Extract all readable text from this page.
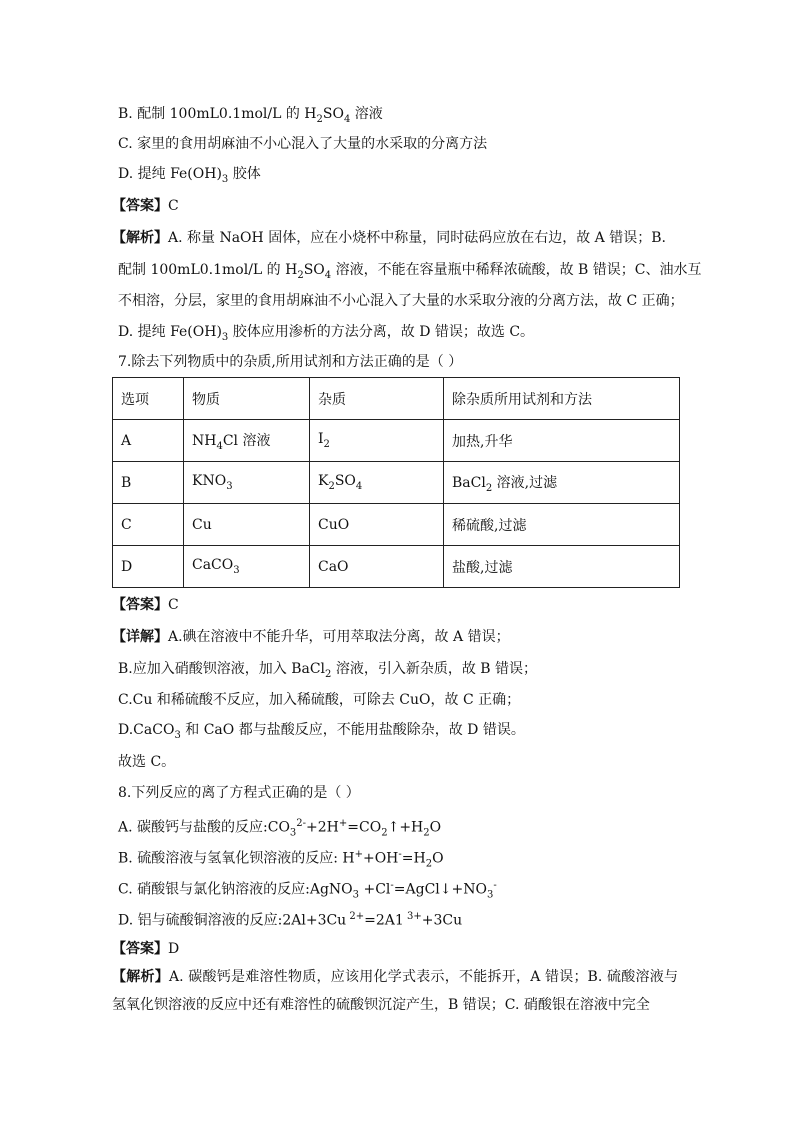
B. 配制 100mL0.1mol/L 的 $H_2SO_4$ 溶液
C. 家里的食用胡麻油不小心混入了大量的水采取的分离方法
D. 提纯 $Fe(OH)_3$ 胶体
【答案】C
【解析】A. 称量 NaOH 固体，应在小烧杯中称量，同时砝码应放在右边，故 A 错误；B.
配制 100mL0.1mol/L 的 $H_2SO_4$ 溶液，不能在容量瓶中稀释浓硫酸，故 B 错误；C、油水互
不相溶，分层，家里的食用胡麻油不小心混入了大量的水采取分液的分离方法，故 C 正确；
D. 提纯 $Fe(OH)_3$ 胶体应用渗析的方法分离，故 D 错误；故选 C。
7.除去下列物质中的杂质,所用试剂和方法正确的是（ ）
选项	物质	杂质	除杂质所用试剂和方法
A	$NH_4Cl$ 溶液	$I_2$	加热,升华
B	$KNO_3$	$K_2SO_4$	BaCl$_2$ 溶液,过滤
C	Cu	CuO	稀硫酸,过滤
D	CaCO$_3$	CaO	盐酸,过滤
【答案】C
【详解】A.碘在溶液中不能升华，可用萃取法分离，故 A 错误；
B.应加入硝酸钡溶液，加入 BaCl$_2$ 溶液，引入新杂质，故 B 错误；
C.Cu 和稀硫酸不反应，加入稀硫酸，可除去 CuO，故 C 正确；
D.CaCO$_3$ 和 CaO 都与盐酸反应，不能用盐酸除杂，故 D 错误。
故选 C。
8.下列反应的离了方程式正确的是（ ）
A. 碳酸钙与盐酸的反应$:CO_3^{2-}+2H^+=CO_2↑+H_2O$
B. 硫酸溶液与氢氧化钡溶液的反应: $H^++OH^-=H_2O$
C. 硝酸银与氯化钠溶液的反应:AgNO$_3$ $+Cl^-=AgCl↓+NO_3^-$
D. 铝与硫酸铜溶液的反应:2Al+3Cu $^{2+}$=2A1 $^{3+}$+3Cu
【答案】D
【解析】A. 碳酸钙是难溶性物质，应该用化学式表示，不能拆开，A 错误；B. 硫酸溶液与氢氧化钡溶液的反应中还有难溶性的硫酸钡沉淀产生，B 错误；C. 硝酸银在溶液中完全
